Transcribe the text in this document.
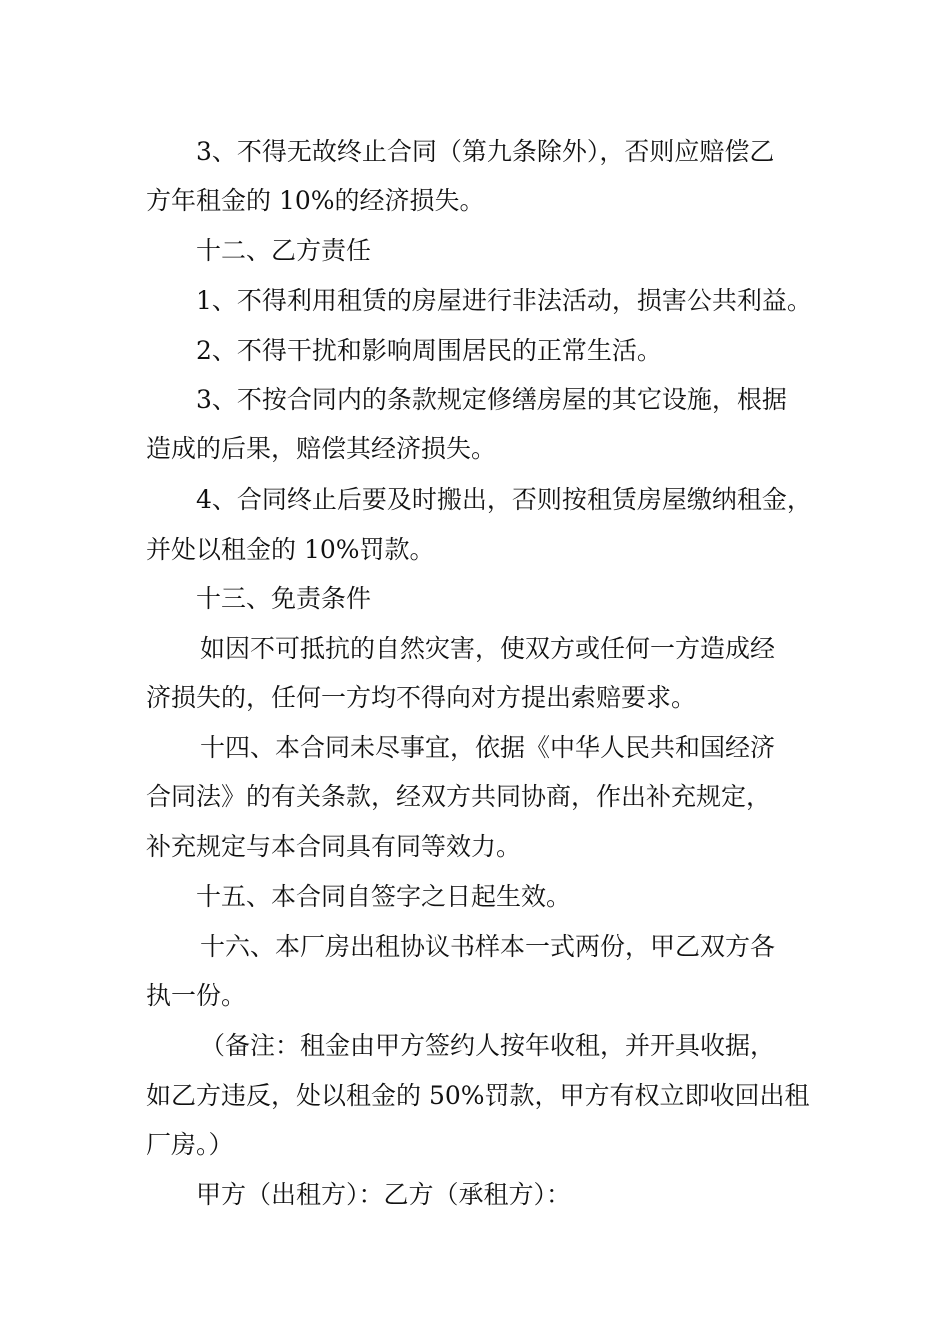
3、不得无故终止合同（第九条除外），否则应赔偿乙
方年租金的 10%的经济损失。
十二、乙方责任
1、不得利用租赁的房屋进行非法活动，损害公共利益。
2、不得干扰和影响周围居民的正常生活。
3、不按合同内的条款规定修缮房屋的其它设施，根据
造成的后果，赔偿其经济损失。
4、合同终止后要及时搬出，否则按租赁房屋缴纳租金，
并处以租金的 10%罚款。
十三、免责条件
如因不可抵抗的自然灾害，使双方或任何一方造成经
济损失的，任何一方均不得向对方提出索赔要求。
十四、本合同未尽事宜，依据《中华人民共和国经济
合同法》的有关条款，经双方共同协商，作出补充规定，
补充规定与本合同具有同等效力。
十五、本合同自签字之日起生效。
十六、本厂房出租协议书样本一式两份，甲乙双方各
执一份。
（备注：租金由甲方签约人按年收租，并开具收据，
如乙方违反，处以租金的 50%罚款，甲方有权立即收回出租
厂房。）
甲方（出租方）：乙方（承租方）：
